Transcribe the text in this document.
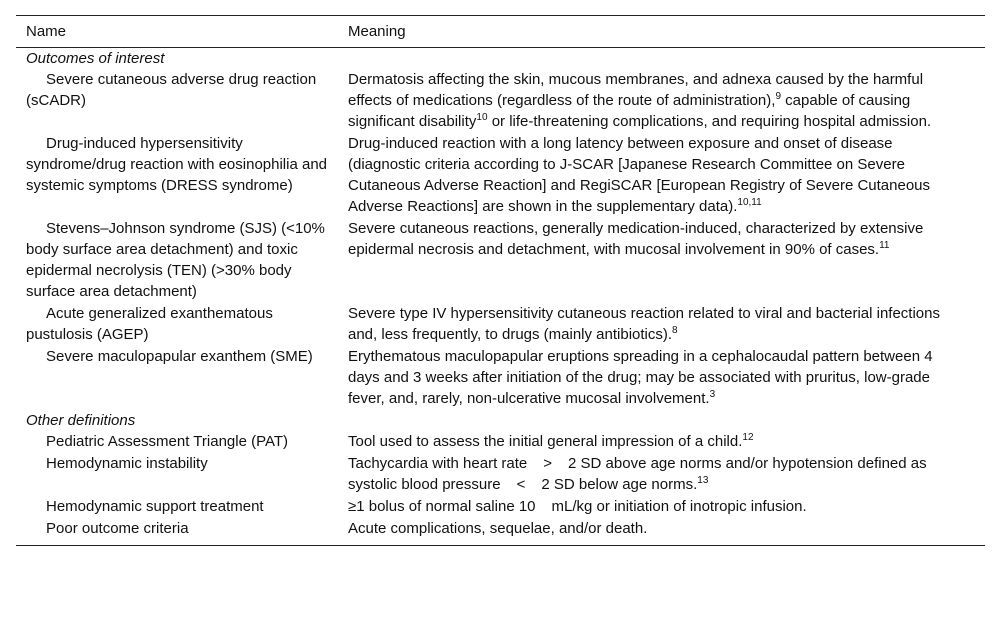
Name	Meaning
Outcomes of interest	
Severe cutaneous adverse drug reaction (sCADR)	Dermatosis affecting the skin, mucous membranes, and adnexa caused by the harmful effects of medications (regardless of the route of administration),$^9$ capable of causing significant disability$^{10}$ or life-threatening complications, and requiring hospital admission.
Drug-induced hypersensitivity syndrome/drug reaction with eosinophilia and systemic symptoms (DRESS syndrome)	Drug-induced reaction with a long latency between exposure and onset of disease (diagnostic criteria according to J-SCAR [Japanese Research Committee on Severe Cutaneous Adverse Reaction] and RegiSCAR [European Registry of Severe Cutaneous Adverse Reactions] are shown in the supplementary data).$^{10,11}$
Stevens–Johnson syndrome (SJS) (<10% body surface area detachment) and toxic epidermal necrolysis (TEN) (>30% body surface area detachment)	Severe cutaneous reactions, generally medication-induced, characterized by extensive epidermal necrosis and detachment, with mucosal involvement in 90% of cases.$^{11}$
Acute generalized exanthematous pustulosis (AGEP)	Severe type IV hypersensitivity cutaneous reaction related to viral and bacterial infections and, less frequently, to drugs (mainly antibiotics).$^8$
Severe maculopapular exanthem (SME)	Erythematous maculopapular eruptions spreading in a cephalocaudal pattern between 4 days and 3 weeks after initiation of the drug; may be associated with pruritus, low-grade fever, and, rarely, non-ulcerative mucosal involvement.$^3$
Other definitions	
Pediatric Assessment Triangle (PAT)	Tool used to assess the initial general impression of a child.$^{12}$
Hemodynamic instability	Tachycardia with heart rate > 2 SD above age norms and/or hypotension defined as systolic blood pressure < 2 SD below age norms.$^{13}$
Hemodynamic support treatment	≥1 bolus of normal saline 10 mL/kg or initiation of inotropic infusion.
Poor outcome criteria	Acute complications, sequelae, and/or death.
